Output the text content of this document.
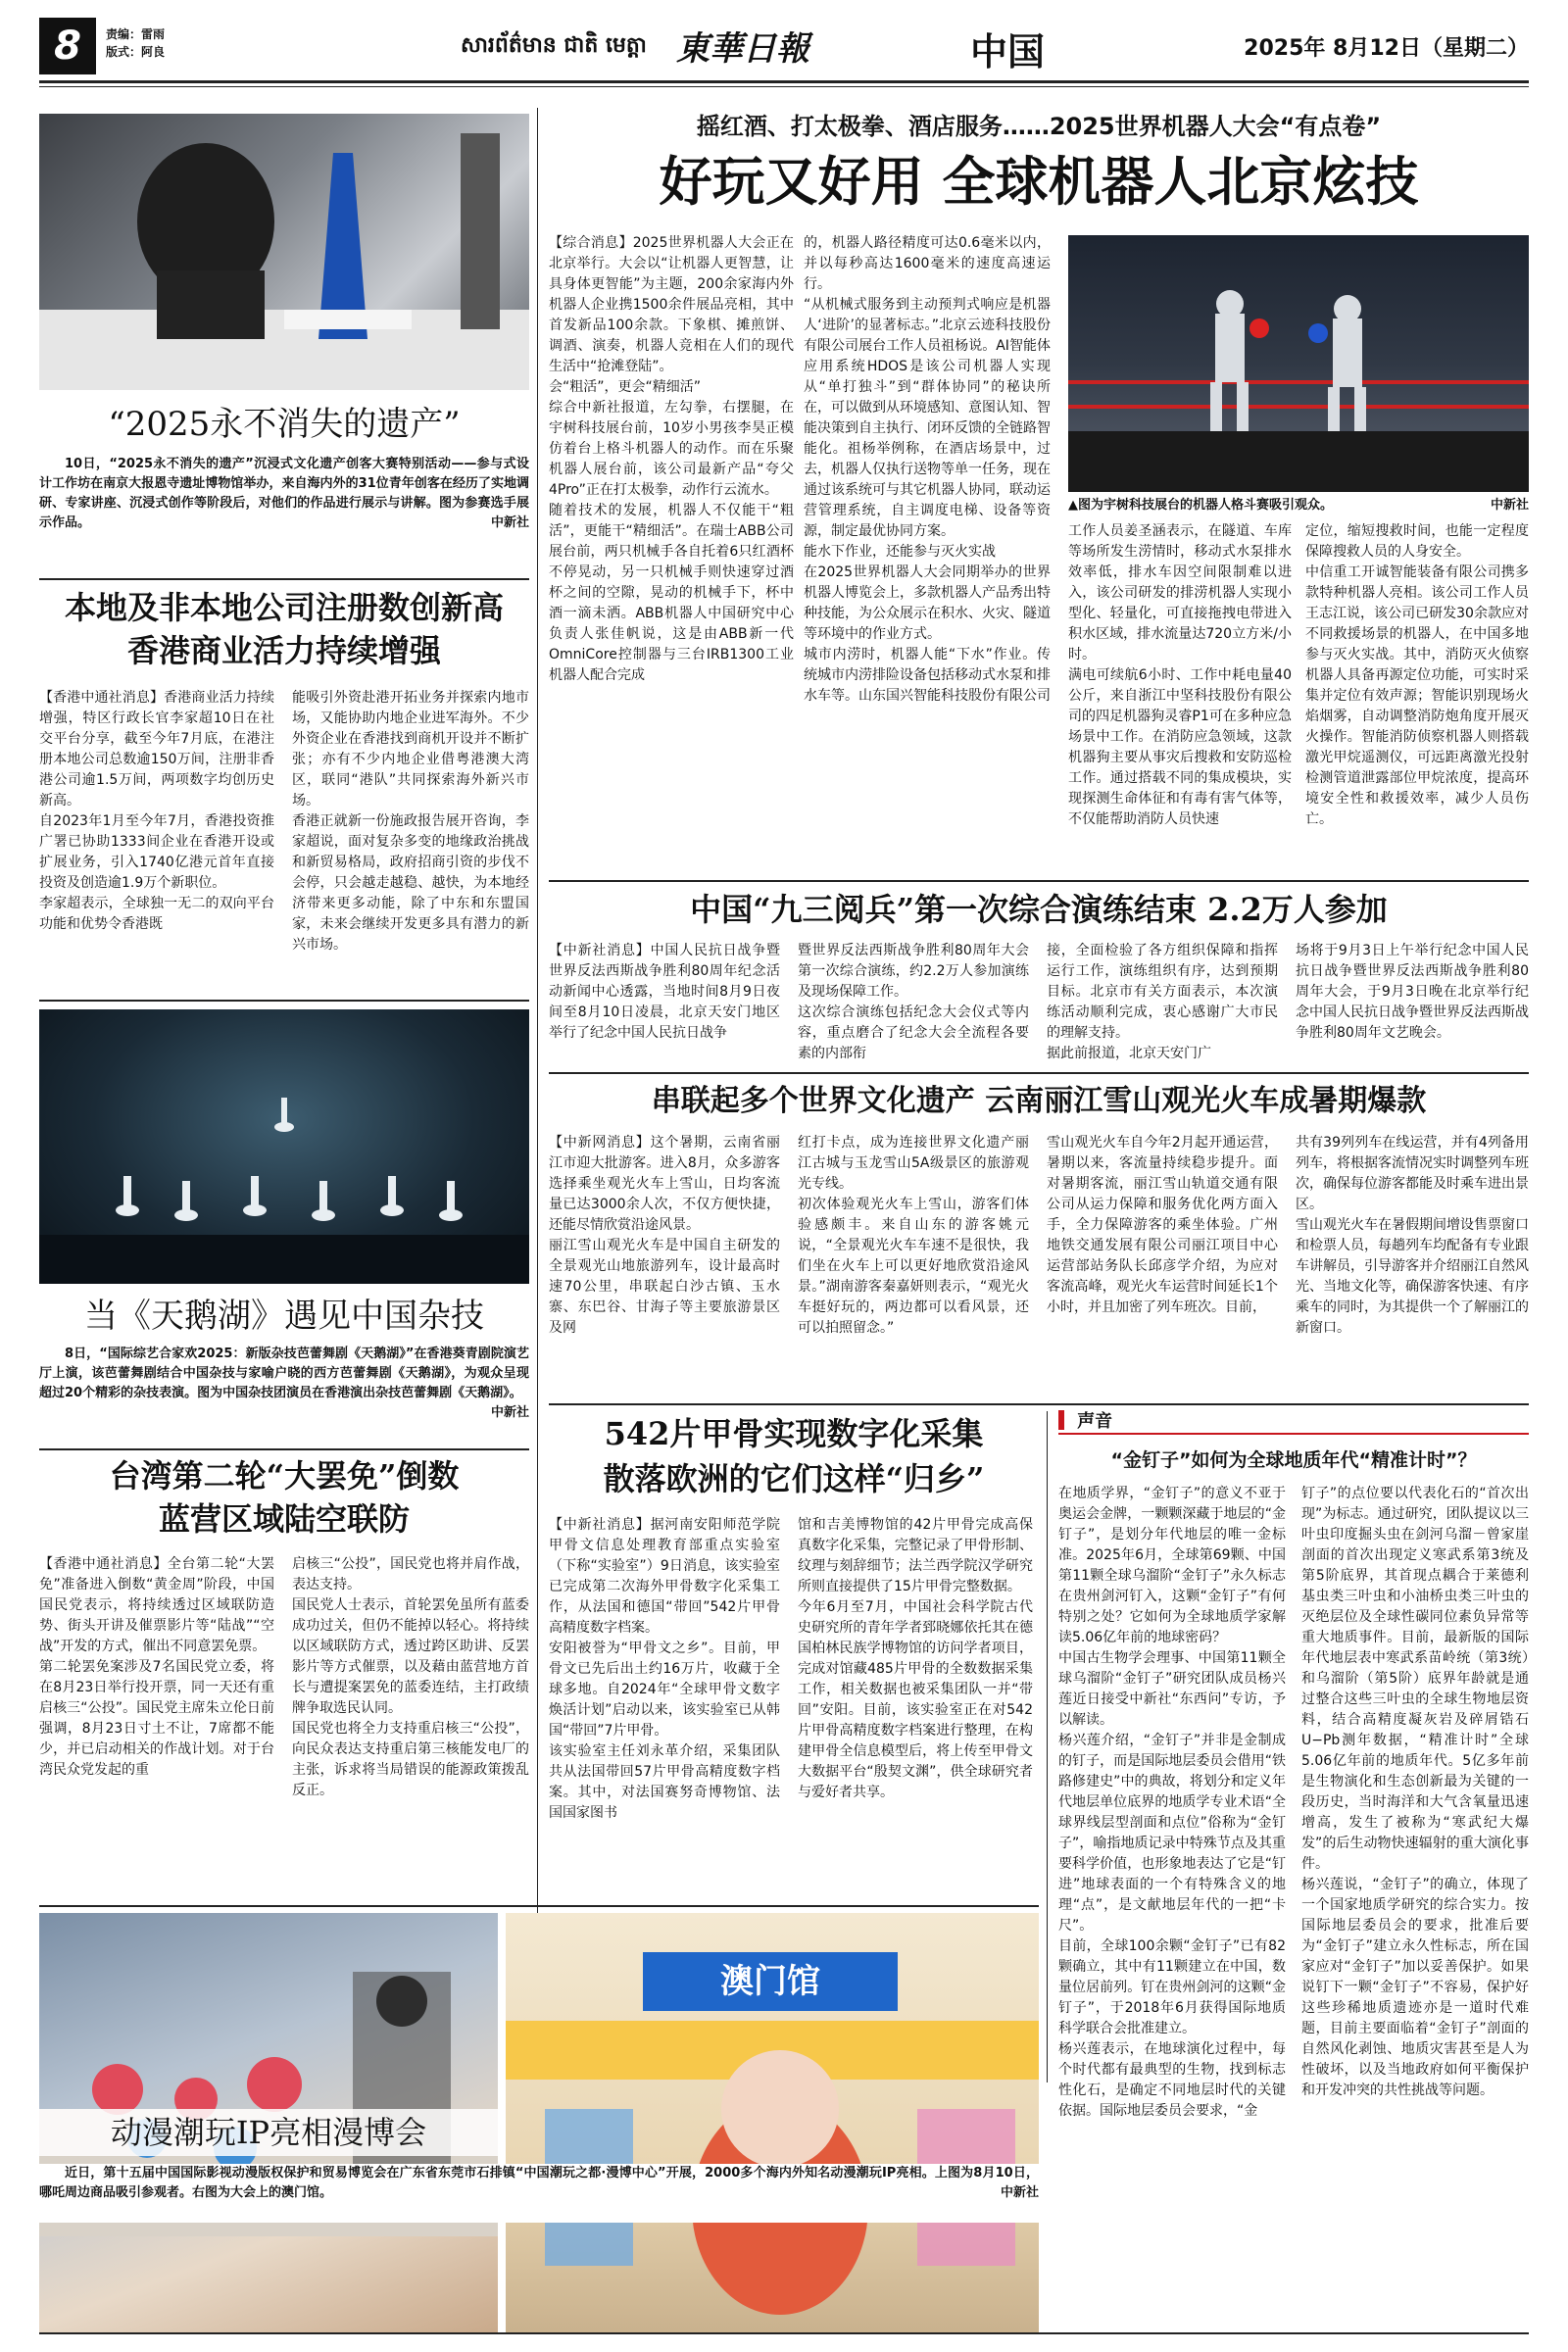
8	责编：雷雨
版式：阿良	សារព័ត៌មាន ជាតិ មេត្តា 東華日報	中国	2025年 8月12日（星期二）
“2025永不消失的遗产”
10日，“2025永不消失的遗产”沉浸式文化遗产创客大赛特别活动——参与式设计工作坊在南京大报恩寺遗址博物馆举办，来自海内外的31位青年创客在经历了实地调研、专家讲座、沉浸式创作等阶段后，对他们的作品进行展示与讲解。图为参赛选手展示作品。	中新社
本地及非本地公司注册数创新高
香港商业活力持续增强
【香港中通社消息】香港商业活力持续增强，特区行政长官李家超10日在社交平台分享，截至今年7月底，在港注册本地公司总数逾150万间，注册非香港公司逾1.5万间，两项数字均创历史新高。
自2023年1月至今年7月，香港投资推广署已协助1333间企业在香港开设或扩展业务，引入1740亿港元首年直接投资及创造逾1.9万个新职位。
李家超表示，全球独一无二的双向平台功能和优势令香港既
能吸引外资赴港开拓业务并探索内地市场，又能协助内地企业进军海外。不少外资企业在香港找到商机开设并不断扩张；亦有不少内地企业借粤港澳大湾区，联同“港队”共同探索海外新兴市场。
香港正就新一份施政报告展开咨询，李家超说，面对复杂多变的地缘政治挑战和新贸易格局，政府招商引资的步伐不会停，只会越走越稳、越快，为本地经济带来更多动能，除了中东和东盟国家，未来会继续开发更多具有潜力的新兴市场。
当《天鹅湖》遇见中国杂技
8日，“国际综艺合家欢2025：新版杂技芭蕾舞剧《天鹅湖》”在香港葵青剧院演艺厅上演，该芭蕾舞剧结合中国杂技与家喻户晓的西方芭蕾舞剧《天鹅湖》，为观众呈现超过20个精彩的杂技表演。图为中国杂技团演员在香港演出杂技芭蕾舞剧《天鹅湖》。
中新社
台湾第二轮“大罢免”倒数
蓝营区域陆空联防
【香港中通社消息】全台第二轮“大罢免”准备进入倒数“黄金周”阶段，中国国民党表示，将持续透过区域联防造势、街头开讲及催票影片等“陆战”“空战”开发的方式，催出不同意罢免票。
第二轮罢免案涉及7名国民党立委，将在8月23日举行投开票，同一天还有重启核三“公投”。国民党主席朱立伦日前强调，8月23日寸土不让，7席都不能少，并已启动相关的作战计划。对于台湾民众党发起的重
启核三“公投”，国民党也将并肩作战，表达支持。
国民党人士表示，首轮罢免虽所有蓝委成功过关，但仍不能掉以轻心。将持续以区域联防方式，透过跨区助讲、反罢影片等方式催票，以及藉由蓝营地方首长与遭提案罢免的蓝委连结，主打政绩牌争取选民认同。
国民党也将全力支持重启核三“公投”，向民众表达支持重启第三核能发电厂的主张，诉求将当局错误的能源政策拨乱反正。
摇红酒、打太极拳、酒店服务……2025世界机器人大会“有点卷”
好玩又好用 全球机器人北京炫技
【综合消息】2025世界机器人大会正在北京举行。大会以“让机器人更智慧，让具身体更智能”为主题，200余家海内外机器人企业携1500余件展品亮相，其中首发新品100余款。下象棋、摊煎饼、调酒、演奏，机器人竞相在人们的现代生活中“抢滩登陆”。
会“粗活”，更会“精细活”
综合中新社报道，左勾拳，右摆腿，在宇树科技展台前，10岁小男孩李昊正模仿着台上格斗机器人的动作。而在乐聚机器人展台前，该公司最新产品“夸父4Pro”正在打太极拳，动作行云流水。
随着技术的发展，机器人不仅能干“粗活”，更能干“精细活”。在瑞士ABB公司展台前，两只机械手各自托着6只红酒杯不停晃动，另一只机械手则快速穿过酒杯之间的空隙，晃动的机械手下，杯中酒一滴未洒。ABB机器人中国研究中心负责人张佳帆说，这是由ABB新一代OmniCore控制器与三台IRB1300工业机器人配合完成
的，机器人路径精度可达0.6毫米以内，并以每秒高达1600毫米的速度高速运行。
“从机械式服务到主动预判式响应是机器人‘进阶’的显著标志。”北京云迹科技股份有限公司展台工作人员祖杨说。AI智能体应用系统HDOS是该公司机器人实现从“单打独斗”到“群体协同”的秘诀所在，可以做到从环境感知、意图认知、智能决策到自主执行、闭环反馈的全链路智能化。祖杨举例称，在酒店场景中，过去，机器人仅执行送物等单一任务，现在通过该系统可与其它机器人协同，联动运营管理系统，自主调度电梯、设备等资源，制定最优协同方案。
能水下作业，还能参与灭火实战
在2025世界机器人大会同期举办的世界机器人博览会上，多款机器人产品秀出特种技能，为公众展示在积水、火灾、隧道等环境中的作业方式。
城市内涝时，机器人能“下水”作业。传统城市内涝排险设备包括移动式水泵和排水车等。山东国兴智能科技股份有限公司
▲图为宇树科技展台的机器人格斗赛吸引观众。	中新社
工作人员姜圣涵表示，在隧道、车库等场所发生涝情时，移动式水泵排水效率低，排水车因空间限制难以进入，该公司研发的排涝机器人实现小型化、轻量化，可直接拖拽电带进入积水区域，排水流量达720立方米/小时。
满电可续航6小时、工作中耗电量40公斤，来自浙江中坚科技股份有限公司的四足机器狗灵睿P1可在多种应急场景中工作。在消防应急领域，这款机器狗主要从事灾后搜救和安防巡检工作。通过搭载不同的集成模块，实现探测生命体征和有毒有害气体等，不仅能帮助消防人员快速
定位，缩短搜救时间，也能一定程度保障搜救人员的人身安全。
中信重工开诚智能装备有限公司携多款特种机器人亮相。该公司工作人员王志江说，该公司已研发30余款应对不同救援场景的机器人，在中国多地参与灭火实战。其中，消防灭火侦察机器人具备再源定位功能，可实时采集并定位有效声源；智能识别现场火焰烟雾，自动调整消防炮角度开展灭火操作。智能消防侦察机器人则搭载激光甲烷遥测仪，可远距离激光投射检测管道泄露部位甲烷浓度，提高环境安全性和救援效率，减少人员伤亡。
中国“九三阅兵”第一次综合演练结束 2.2万人参加
【中新社消息】中国人民抗日战争暨世界反法西斯战争胜利80周年纪念活动新闻中心透露，当地时间8月9日夜间至8月10日凌晨，北京天安门地区举行了纪念中国人民抗日战争
暨世界反法西斯战争胜利80周年大会第一次综合演练，约2.2万人参加演练及现场保障工作。
这次综合演练包括纪念大会仪式等内容，重点磨合了纪念大会全流程各要素的内部衔
接，全面检验了各方组织保障和指挥运行工作，演练组织有序，达到预期目标。北京市有关方面表示，本次演练活动顺利完成，衷心感谢广大市民的理解支持。
据此前报道，北京天安门广
场将于9月3日上午举行纪念中国人民抗日战争暨世界反法西斯战争胜利80周年大会，于9月3日晚在北京举行纪念中国人民抗日战争暨世界反法西斯战争胜利80周年文艺晚会。
串联起多个世界文化遗产 云南丽江雪山观光火车成暑期爆款
【中新网消息】这个暑期，云南省丽江市迎大批游客。进入8月，众多游客选择乘坐观光火车上雪山，日均客流量已达3000余人次，不仅方便快捷，还能尽情欣赏沿途风景。
丽江雪山观光火车是中国自主研发的全景观光山地旅游列车，设计最高时速70公里，串联起白沙古镇、玉水寨、东巴谷、甘海子等主要旅游景区及网
红打卡点，成为连接世界文化遗产丽江古城与玉龙雪山5A级景区的旅游观光专线。
初次体验观光火车上雪山，游客们体验感颇丰。来自山东的游客姚元说，“全景观光火车车速不是很快，我们坐在火车上可以更好地欣赏沿途风景。”湖南游客秦嘉妍则表示，“观光火车挺好玩的，两边都可以看风景，还可以拍照留念。”
雪山观光火车自今年2月起开通运营，暑期以来，客流量持续稳步提升。面对暑期客流，丽江雪山轨道交通有限公司从运力保障和服务优化两方面入手，全力保障游客的乘坐体验。广州地铁交通发展有限公司丽江项目中心运营部站务队长邱彦学介绍，为应对客流高峰，观光火车运营时间延长1个小时，并且加密了列车班次。目前，
共有39列列车在线运营，并有4列备用列车，将根据客流情况实时调整列车班次，确保每位游客都能及时乘车进出景区。
雪山观光火车在暑假期间增设售票窗口和检票人员，每趟列车均配备有专业跟车讲解员，引导游客并介绍丽江自然风光、当地文化等，确保游客快速、有序乘车的同时，为其提供一个了解丽江的新窗口。
542片甲骨实现数字化采集
散落欧洲的它们这样“归乡”
【中新社消息】据河南安阳师范学院甲骨文信息处理教育部重点实验室（下称“实验室”）9日消息，该实验室已完成第二次海外甲骨数字化采集工作，从法国和德国“带回”542片甲骨高精度数字档案。
安阳被誉为“甲骨文之乡”。目前，甲骨文已先后出土约16万片，收藏于全球多地。自2024年“全球甲骨文数字焕活计划”启动以来，该实验室已从韩国“带回”7片甲骨。
该实验室主任刘永革介绍，采集团队共从法国带回57片甲骨高精度数字档案。其中，对法国赛努奇博物馆、法国国家图书
馆和吉美博物馆的42片甲骨完成高保真数字化采集，完整记录了甲骨形制、纹理与刻辞细节；法兰西学院汉学研究所则直接提供了15片甲骨完整数据。
今年6月至7月，中国社会科学院古代史研究所的青年学者郅晓娜依托其在德国柏林民族学博物馆的访问学者项目，完成对馆藏485片甲骨的全数数据采集工作，相关数据也被采集团队一并“带回”安阳。目前，该实验室正在对542片甲骨高精度数字档案进行整理，在构建甲骨全信息模型后，将上传至甲骨文大数据平台“殷契文渊”，供全球研究者与爱好者共享。
声音
“金钉子”如何为全球地质年代“精准计时”？
在地质学界，“金钉子”的意义不亚于奥运会金牌，一颗颗深藏于地层的“金钉子”，是划分年代地层的唯一金标准。2025年6月，全球第69颗、中国第11颗全球乌溜阶“金钉子”永久标志在贵州剑河钉入，这颗“金钉子”有何特别之处？它如何为全球地质学家解读5.06亿年前的地球密码？
中国古生物学会理事、中国第11颗全球乌溜阶“金钉子”研究团队成员杨兴莲近日接受中新社“东西问”专访，予以解读。
杨兴莲介绍，“金钉子”并非是金制成的钉子，而是国际地层委员会借用“铁路修建史”中的典故，将划分和定义年代地层单位底界的地质学专业术语“全球界线层型剖面和点位”俗称为“金钉子”，喻指地质记录中特殊节点及其重要科学价值，也形象地表达了它是“钉进”地球表面的一个有特殊含义的地理“点”，是文献地层年代的一把“卡尺”。
目前，全球100余颗“金钉子”已有82颗确立，其中有11颗建立在中国，数量位居前列。钉在贵州剑河的这颗“金钉子”，于2018年6月获得国际地质科学联合会批准建立。
杨兴莲表示，在地球演化过程中，每个时代都有最典型的生物，找到标志性化石，是确定不同地层时代的关键依据。国际地层委员会要求，“金
钉子”的点位要以代表化石的“首次出现”为标志。通过研究，团队提议以三叶虫印度掘头虫在剑河乌溜－曾家崖剖面的首次出现定义寒武系第3统及第5阶底界，其首现点耦合于莱德利基虫类三叶虫和小油桥虫类三叶虫的灭绝层位及全球性碳同位素负异常等重大地质事件。目前，最新版的国际年代地层表中寒武系苗岭统（第3统）和乌溜阶（第5阶）底界年龄就是通过整合这些三叶虫的全球生物地层资料，结合高精度凝灰岩及碎屑锆石U−Pb测年数据，“精准计时”全球5.06亿年前的地质年代。5亿多年前是生物演化和生态创新最为关键的一段历史，当时海洋和大气含氧量迅速增高，发生了被称为“寒武纪大爆发”的后生动物快速辐射的重大演化事件。
杨兴莲说，“金钉子”的确立，体现了一个国家地质学研究的综合实力。按国际地层委员会的要求，批准后要为“金钉子”建立永久性标志，所在国家应对“金钉子”加以妥善保护。如果说钉下一颗“金钉子”不容易，保护好这些珍稀地质遗迹亦是一道时代难题，目前主要面临着“金钉子”剖面的自然风化剥蚀、地质灾害甚至是人为性破坏，以及当地政府如何平衡保护和开发冲突的共性挑战等问题。
澳门馆
动漫潮玩IP亮相漫博会
近日，第十五届中国国际影视动漫版权保护和贸易博览会在广东省东莞市石排镇“中国潮玩之都·漫博中心”开展，2000多个海内外知名动漫潮玩IP亮相。上图为8月10日，哪吒周边商品吸引参观者。右图为大会上的澳门馆。	中新社
